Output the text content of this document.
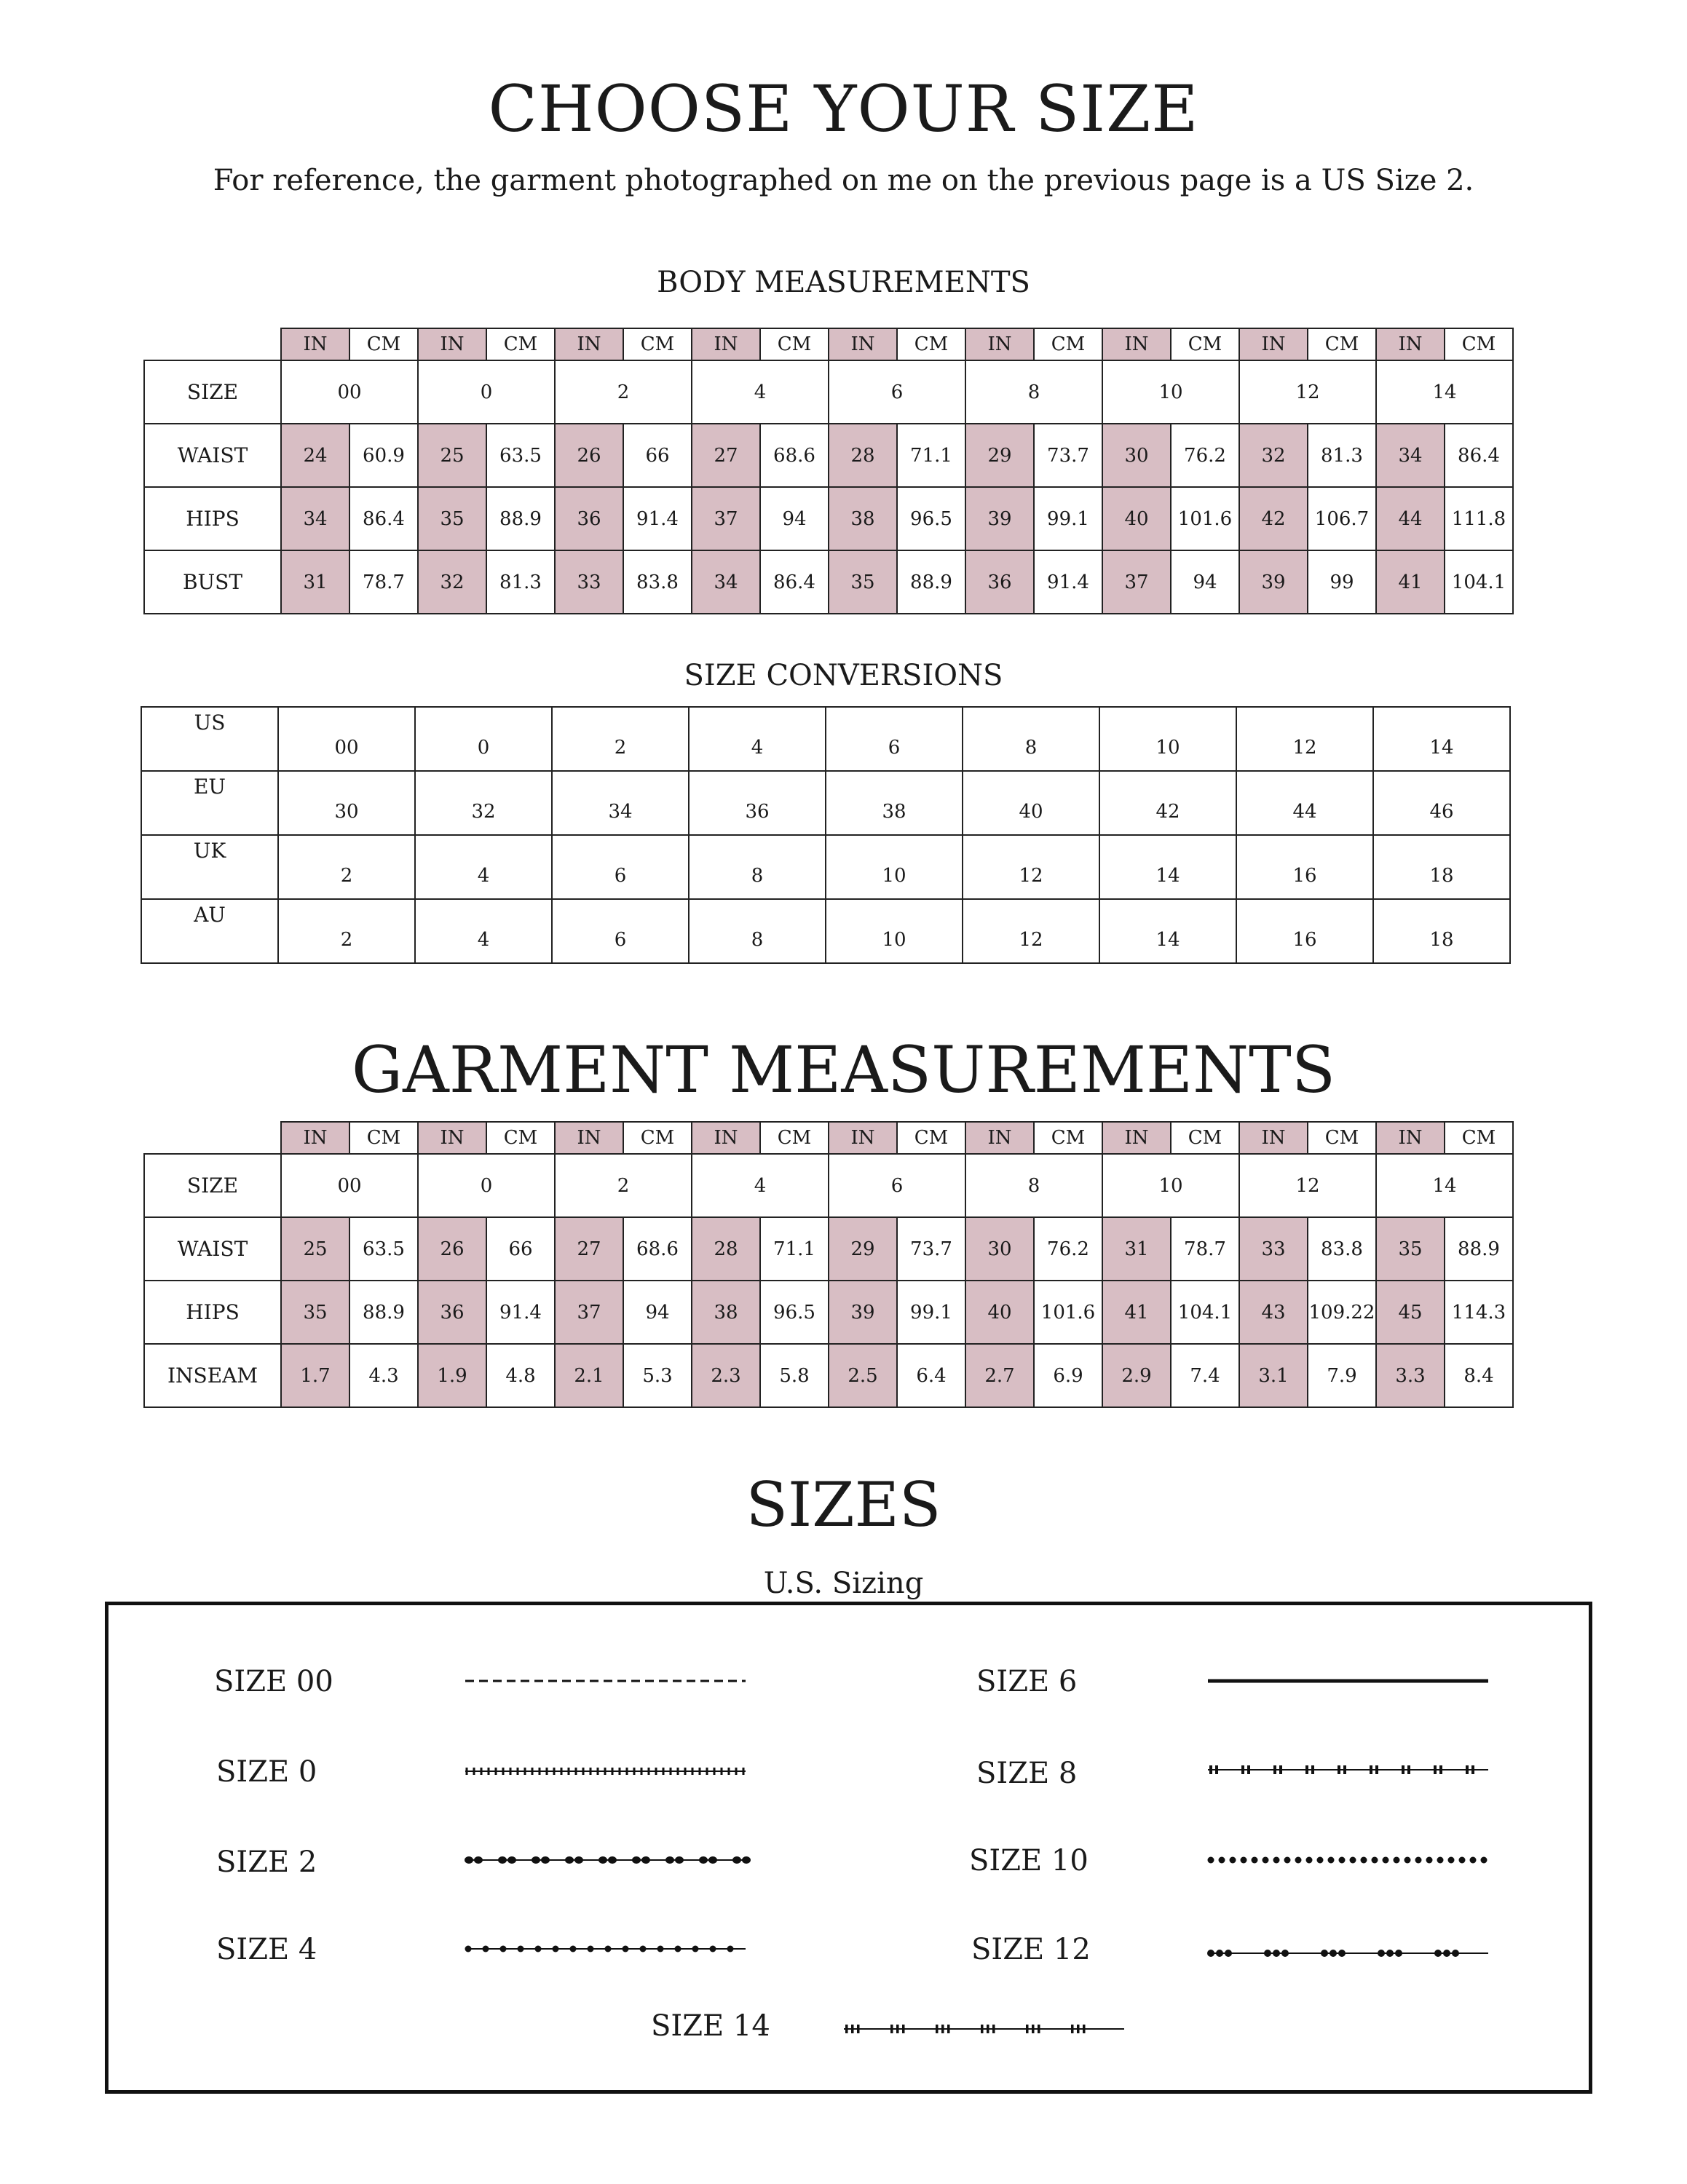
CHOOSE YOUR SIZE
For reference, the garment photographed on me on the previous page is a US Size 2.
BODY MEASUREMENTS
	IN	CM	IN	CM	IN	CM	IN	CM	IN	CM	IN	CM	IN	CM	IN	CM	IN	CM
SIZE	00		0		2		4		6		8		10		12		14	
WAIST	24	60.9	25	63.5	26	66	27	68.6	28	71.1	29	73.7	30	76.2	32	81.3	34	86.4
HIPS	34	86.4	35	88.9	36	91.4	37	94	38	96.5	39	99.1	40	101.6	42	106.7	44	111.8
BUST	31	78.7	32	81.3	33	83.8	34	86.4	35	88.9	36	91.4	37	94	39	99	41	104.1
SIZE CONVERSIONS
US	00	0	2	4	6	8	10	12	14
EU	30	32	34	36	38	40	42	44	46
UK	2	4	6	8	10	12	14	16	18
AU	2	4	6	8	10	12	14	16	18
GARMENT MEASUREMENTS
	IN	CM	IN	CM	IN	CM	IN	CM	IN	CM	IN	CM	IN	CM	IN	CM	IN	CM
SIZE	00		0		2		4		6		8		10		12		14	
WAIST	25	63.5	26	66	27	68.6	28	71.1	29	73.7	30	76.2	31	78.7	33	83.8	35	88.9
HIPS	35	88.9	36	91.4	37	94	38	96.5	39	99.1	40	101.6	41	104.1	43	109.22	45	114.3
INSEAM	1.7	4.3	1.9	4.8	2.1	5.3	2.3	5.8	2.5	6.4	2.7	6.9	2.9	7.4	3.1	7.9	3.3	8.4
SIZES
U.S. Sizing
SIZE 00
SIZE 0
SIZE 2
SIZE 4
SIZE 6
SIZE 8
SIZE 10
SIZE 12
SIZE 14
